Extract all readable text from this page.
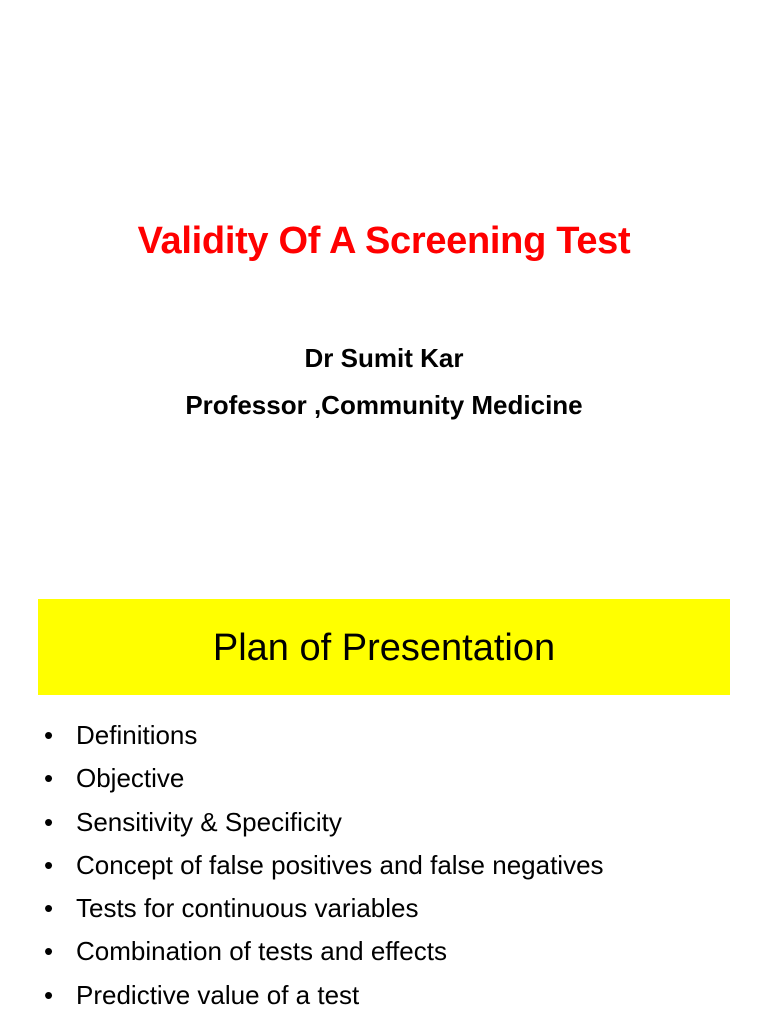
Validity Of A Screening Test
Dr Sumit Kar
Professor ,Community Medicine
Plan of Presentation
• Definitions
• Objective
• Sensitivity & Specificity
• Concept of false positives and false negatives
• Tests for continuous variables
• Combination of tests and effects
• Predictive value of a test
